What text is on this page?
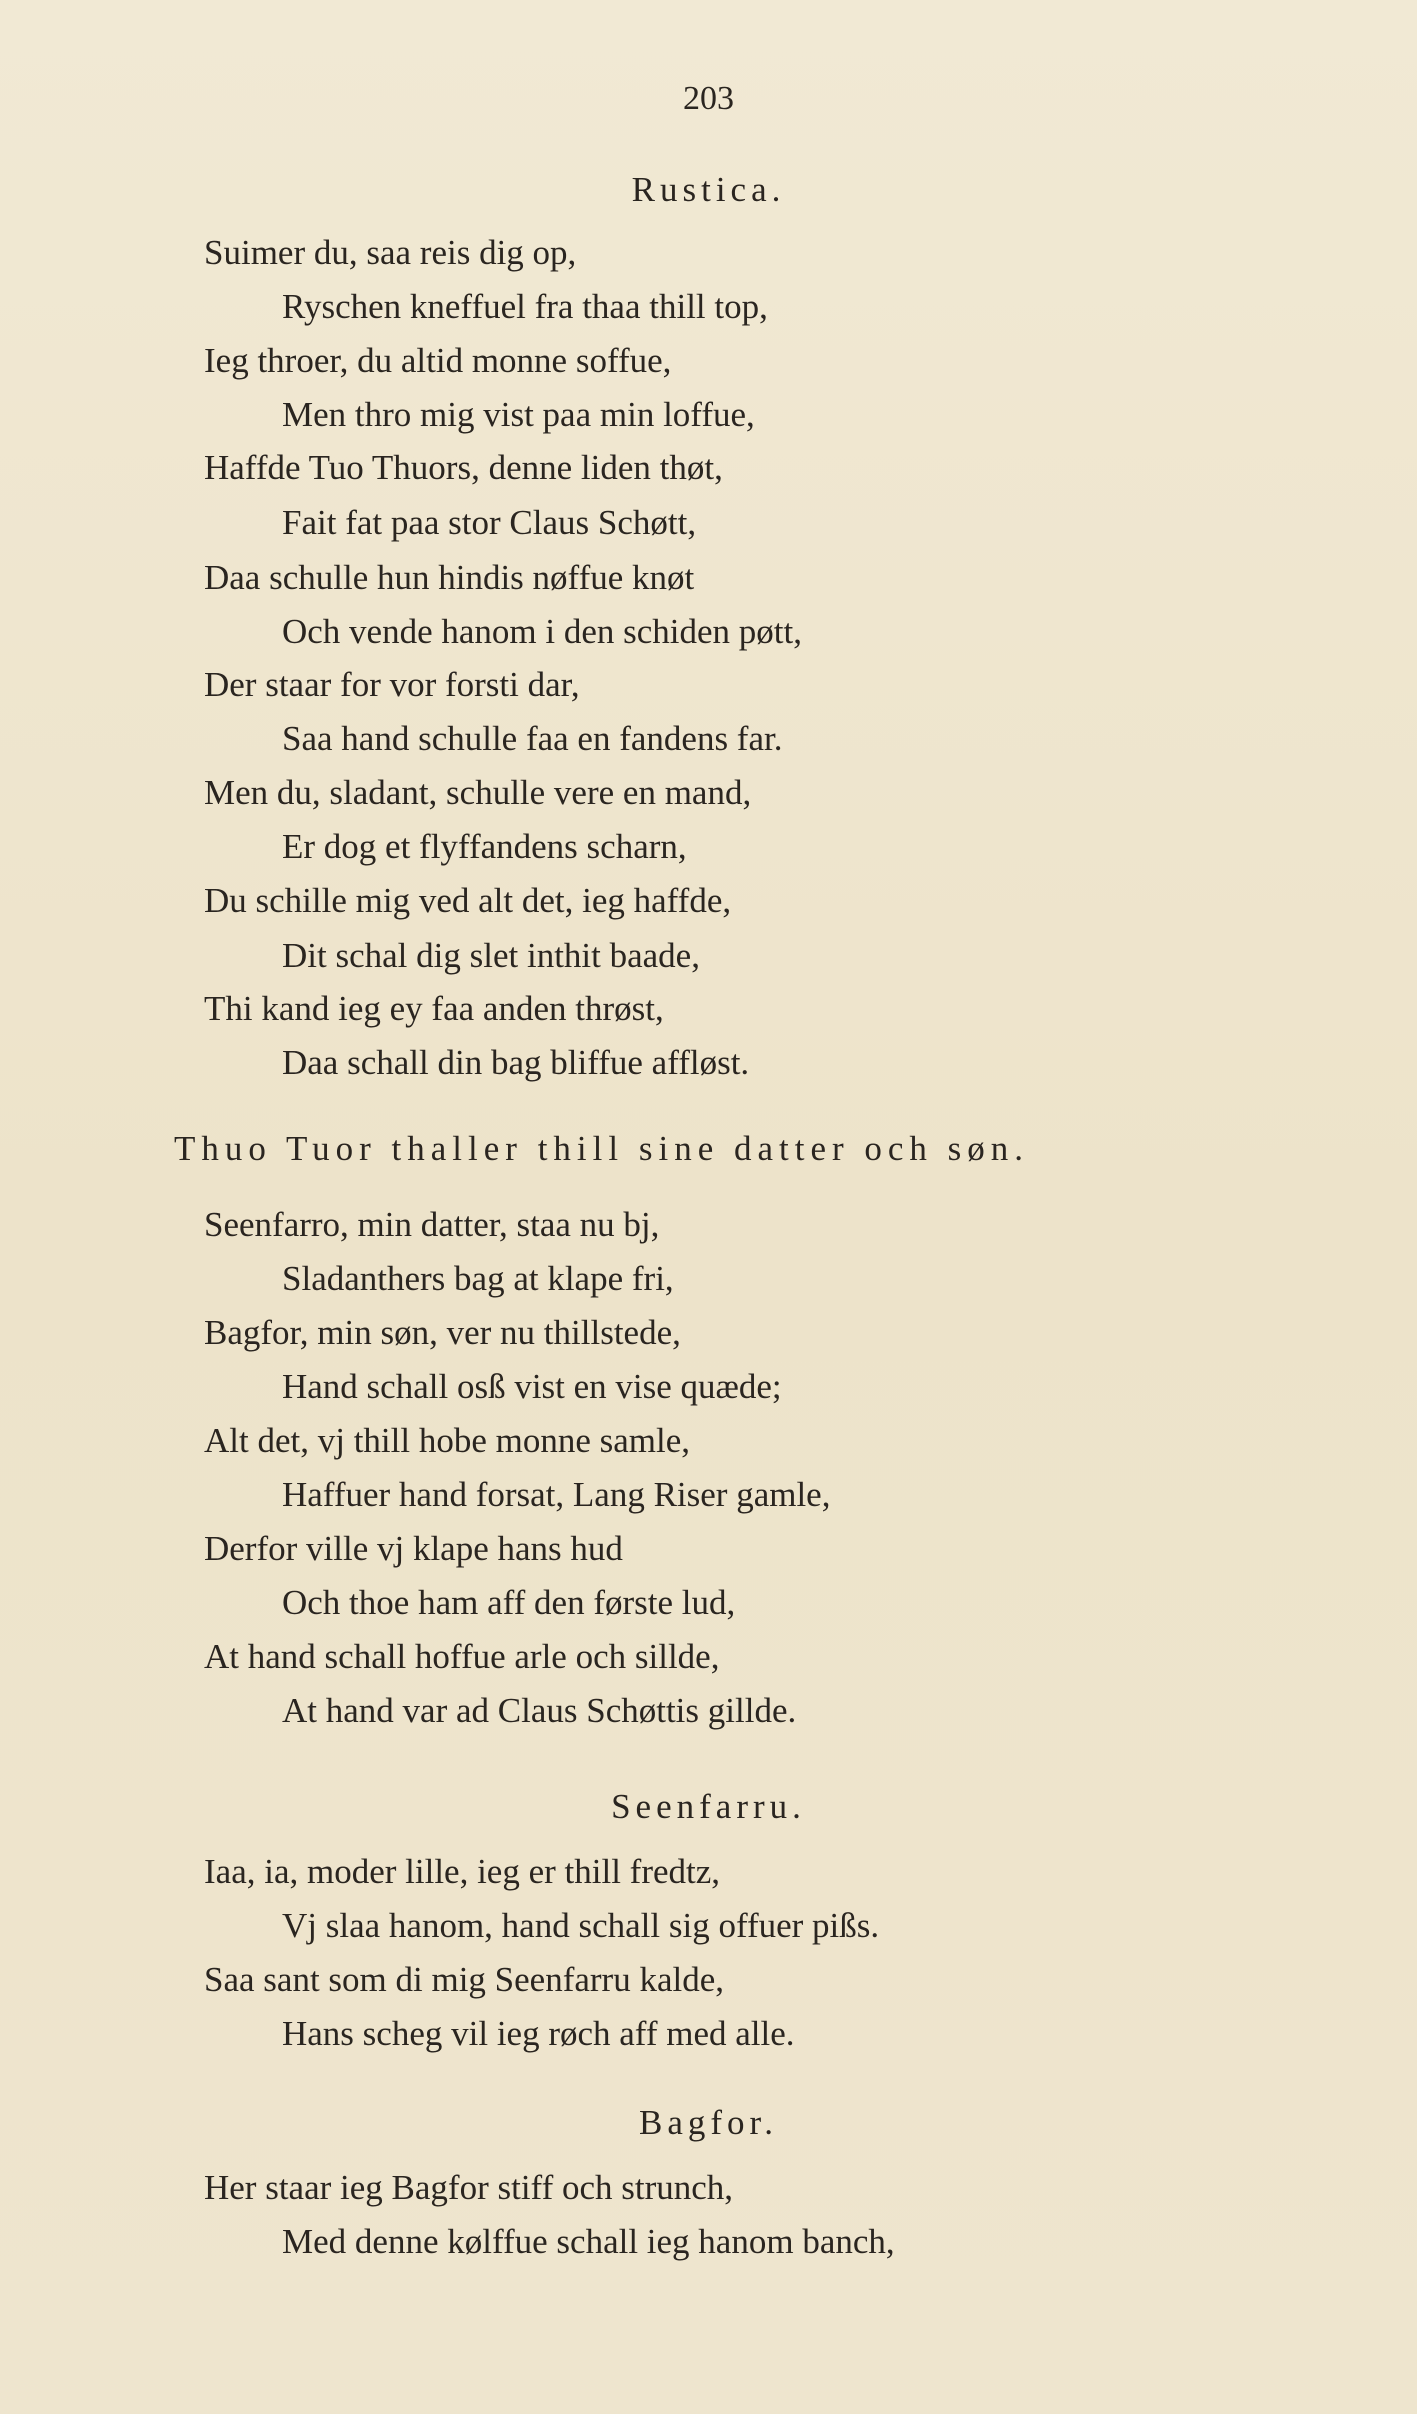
203
Rustica.
Suimer du, saa reis dig op,
Ryschen kneffuel fra thaa thill top,
Ieg throer, du altid monne soffue,
Men thro mig vist paa min loffue,
Haffde Tuo Thuors, denne liden thøt,
Fait fat paa stor Claus Schøtt,
Daa schulle hun hindis nøffue knøt
Och vende hanom i den schiden pøtt,
Der staar for vor forsti dar,
Saa hand schulle faa en fandens far.
Men du, sladant, schulle vere en mand,
Er dog et flyffandens scharn,
Du schille mig ved alt det, ieg haffde,
Dit schal dig slet inthit baade,
Thi kand ieg ey faa anden thrøst,
Daa schall din bag bliffue affløst.
Thuo Tuor thaller thill sine datter och søn.
Seenfarro, min datter, staa nu bj,
Sladanthers bag at klape fri,
Bagfor, min søn, ver nu thillstede,
Hand schall osß vist en vise quæde;
Alt det, vj thill hobe monne samle,
Haffuer hand forsat, Lang Riser gamle,
Derfor ville vj klape hans hud
Och thoe ham aff den første lud,
At hand schall hoffue arle och sillde,
At hand var ad Claus Schøttis gillde.
Seenfarru.
Iaa, ia, moder lille, ieg er thill fredtz,
Vj slaa hanom, hand schall sig offuer pißs.
Saa sant som di mig Seenfarru kalde,
Hans scheg vil ieg røch aff med alle.
Bagfor.
Her staar ieg Bagfor stiff och strunch,
Med denne kølffue schall ieg hanom banch,
